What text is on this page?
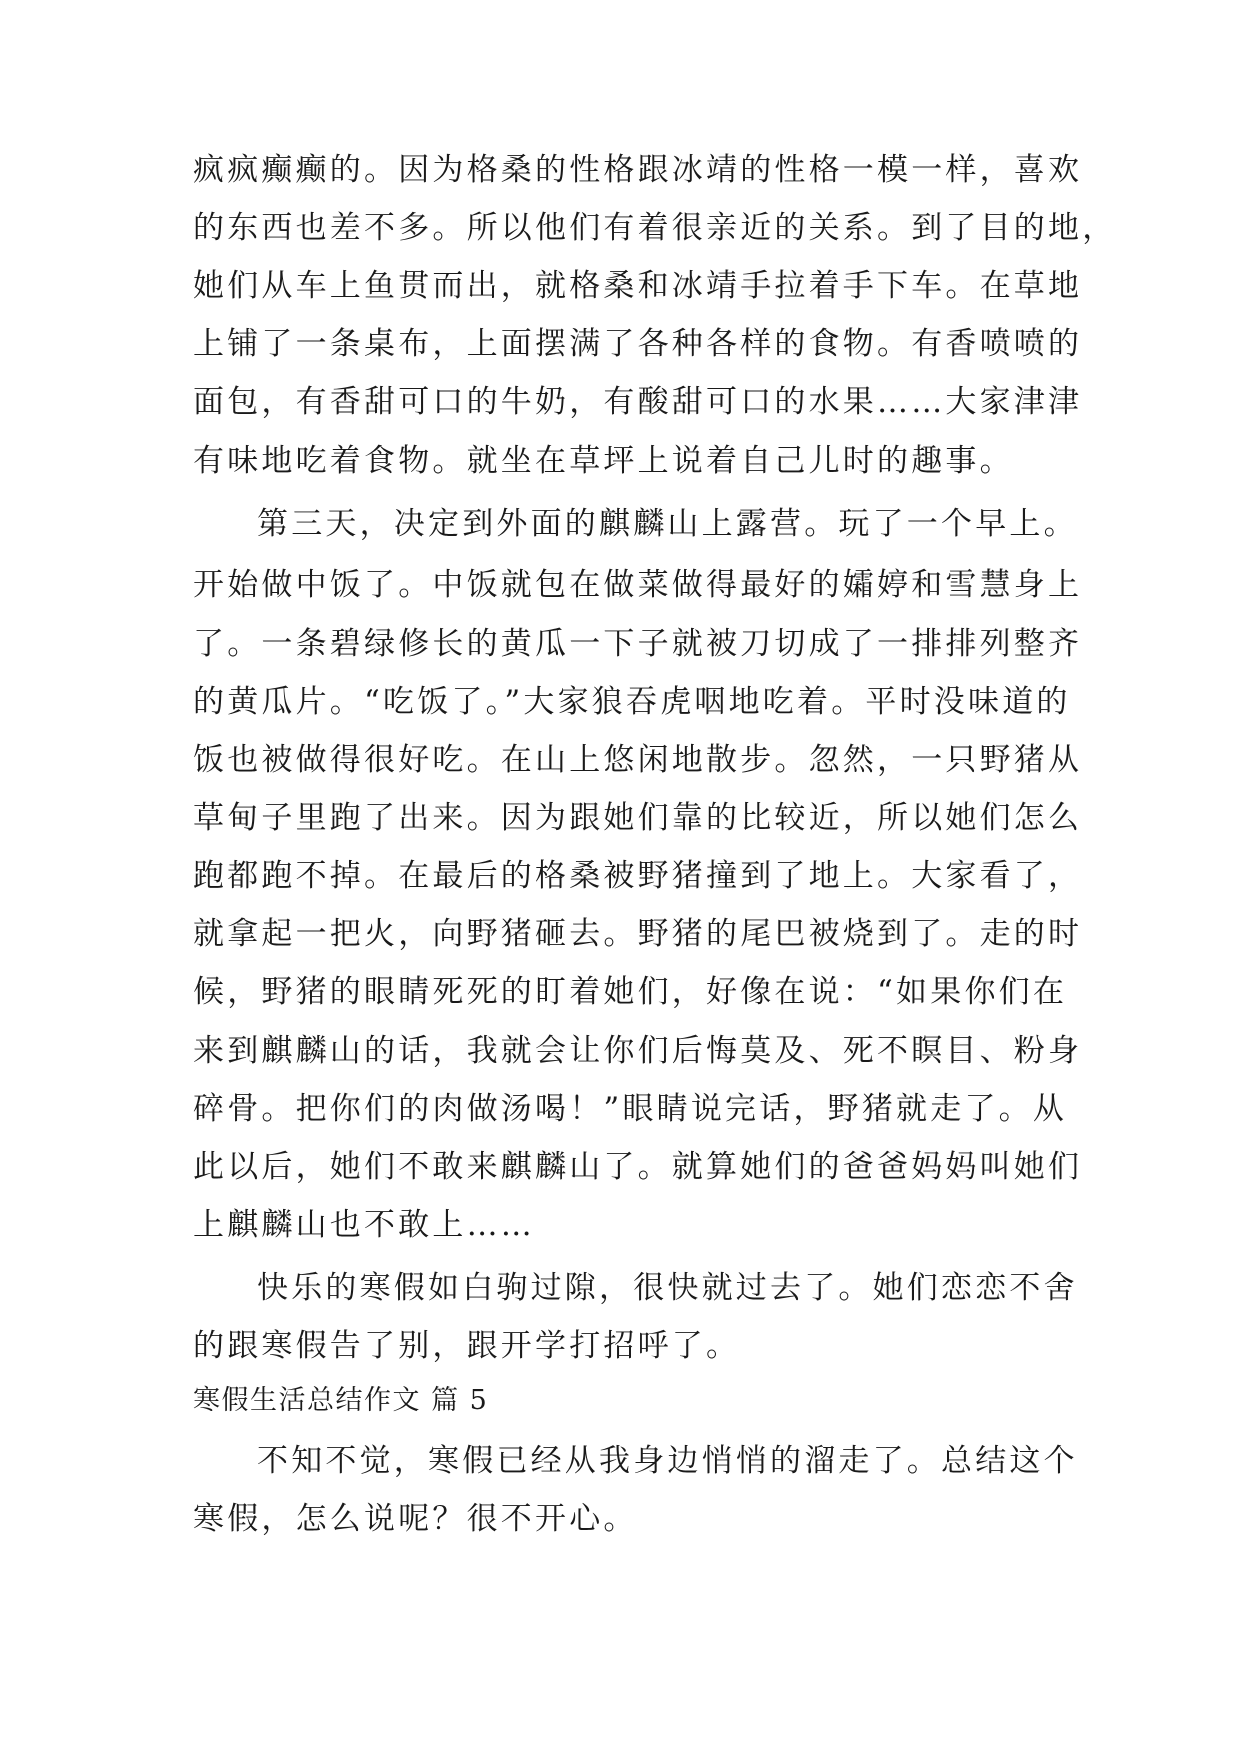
疯疯癫癫的。因为格桑的性格跟冰靖的性格一模一样，喜欢
的东西也差不多。所以他们有着很亲近的关系。到了目的地，
她们从车上鱼贯而出，就格桑和冰靖手拉着手下车。在草地
上铺了一条桌布，上面摆满了各种各样的食物。有香喷喷的
面包，有香甜可口的牛奶，有酸甜可口的水果……大家津津
有味地吃着食物。就坐在草坪上说着自己儿时的趣事。
第三天，决定到外面的麒麟山上露营。玩了一个早上。
开始做中饭了。中饭就包在做菜做得最好的孀婷和雪慧身上
了。一条碧绿修长的黄瓜一下子就被刀切成了一排排列整齐
的黄瓜片。“吃饭了。”大家狼吞虎咽地吃着。平时没味道的
饭也被做得很好吃。在山上悠闲地散步。忽然，一只野猪从
草甸子里跑了出来。因为跟她们靠的比较近，所以她们怎么
跑都跑不掉。在最后的格桑被野猪撞到了地上。大家看了，
就拿起一把火，向野猪砸去。野猪的尾巴被烧到了。走的时
候，野猪的眼睛死死的盯着她们，好像在说：“如果你们在
来到麒麟山的话，我就会让你们后悔莫及、死不瞑目、粉身
碎骨。把你们的肉做汤喝！”眼睛说完话，野猪就走了。从
此以后，她们不敢来麒麟山了。就算她们的爸爸妈妈叫她们
上麒麟山也不敢上……
快乐的寒假如白驹过隙，很快就过去了。她们恋恋不舍
的跟寒假告了别，跟开学打招呼了。
寒假生活总结作文 篇 5
不知不觉，寒假已经从我身边悄悄的溜走了。总结这个
寒假，怎么说呢？很不开心。
